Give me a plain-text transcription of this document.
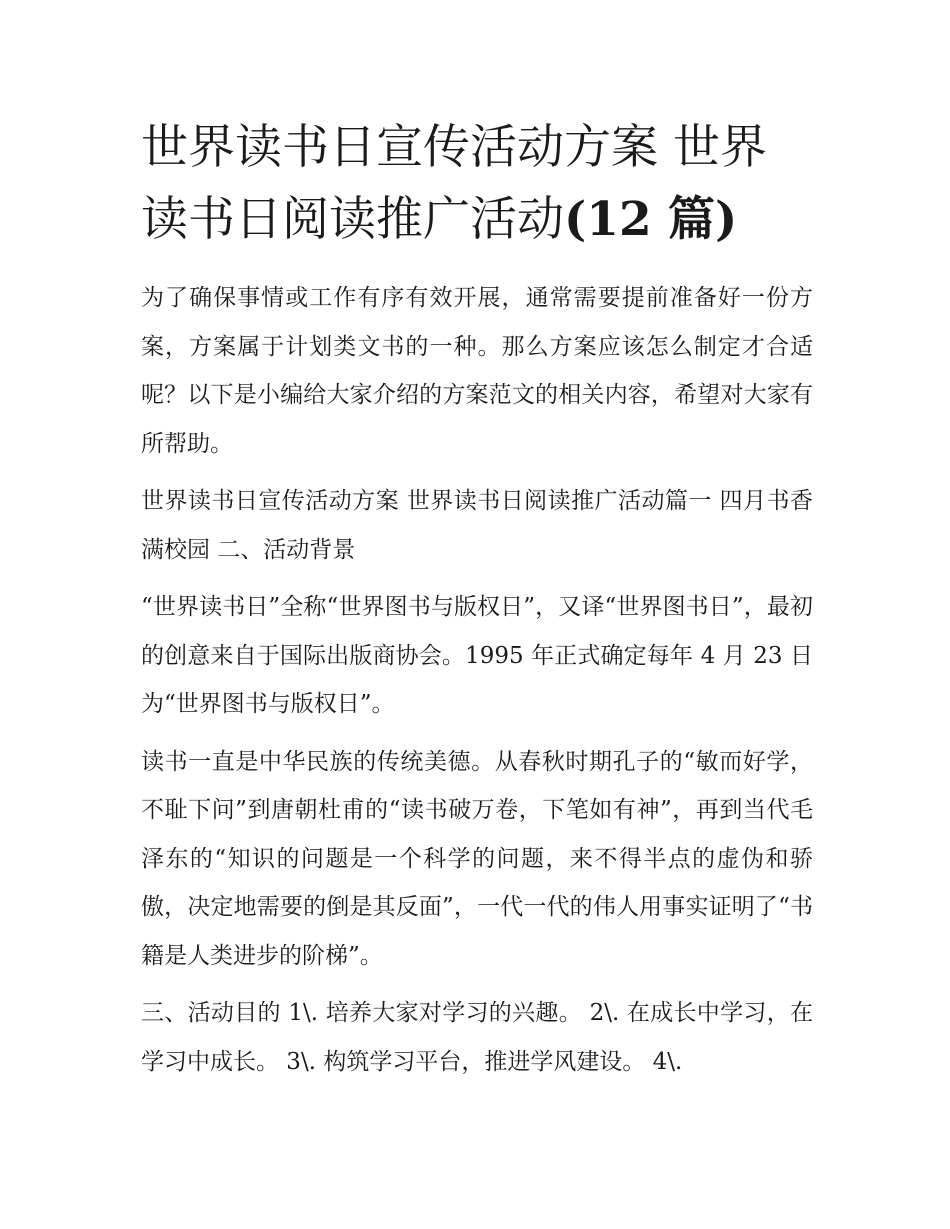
世界读书日宣传活动方案 世界读书日阅读推广活动(12 篇)

为了确保事情或工作有序有效开展，通常需要提前准备好一份方案，方案属于计划类文书的一种。那么方案应该怎么制定才合适呢？以下是小编给大家介绍的方案范文的相关内容，希望对大家有所帮助。

世界读书日宣传活动方案 世界读书日阅读推广活动篇一 四月书香满校园 二、活动背景

“世界读书日”全称“世界图书与版权日”，又译“世界图书日”，最初的创意来自于国际出版商协会。1995 年正式确定每年 4 月 23 日为“世界图书与版权日”。

读书一直是中华民族的传统美德。从春秋时期孔子的“敏而好学，不耻下问”到唐朝杜甫的“读书破万卷，下笔如有神”，再到当代毛泽东的“知识的问题是一个科学的问题，来不得半点的虚伪和骄傲，决定地需要的倒是其反面”，一代一代的伟人用事实证明了“书籍是人类进步的阶梯”。

三、活动目的 1\. 培养大家对学习的兴趣。 2\. 在成长中学习，在学习中成长。 3\. 构筑学习平台，推进学风建设。 4\.
